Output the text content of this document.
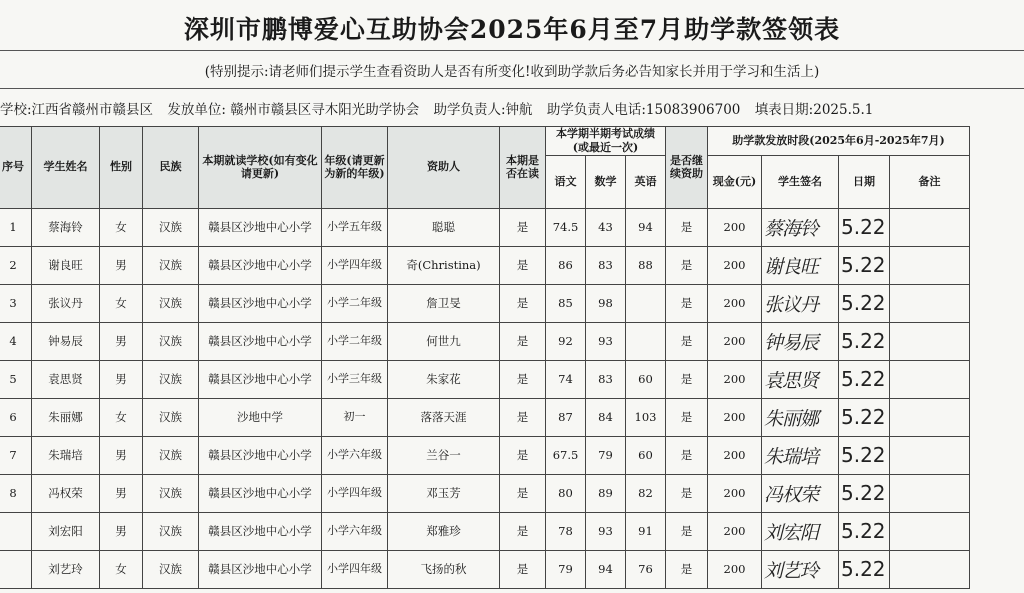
深圳市鹏博爱心互助协会2025年6月至7月助学款签领表
(特别提示:请老师们提示学生查看资助人是否有所变化!收到助学款后务必告知家长并用于学习和生活上)
学校:江西省赣州市赣县区 发放单位: 赣州市赣县区寻木阳光助学协会 助学负责人:钟航 助学负责人电话:15083906700 填表日期:2025.5.1
序号	学生姓名	性别	民族	本期就读学校(如有变化请更新)	年级(请更新为新的年级)	资助人	本期是否在读	本学期半期考试成绩(或最近一次)			是否继续资助	助学款发放时段(2025年6月-2025年7月)			
								语文	数学	英语		现金(元)	学生签名	日期	备注

1	蔡海铃	女	汉族	赣县区沙地中心小学	小学五年级	聪聪	是	74.5	43	94	是	200	蔡海铃	5.22	
2	谢良旺	男	汉族	赣县区沙地中心小学	小学四年级	奇(Christina)	是	86	83	88	是	200	谢良旺	5.22	
3	张议丹	女	汉族	赣县区沙地中心小学	小学二年级	詹卫旻	是	85	98		是	200	张议丹	5.22	
4	钟易辰	男	汉族	赣县区沙地中心小学	小学二年级	何世九	是	92	93		是	200	钟易辰	5.22	
5	袁思贤	男	汉族	赣县区沙地中心小学	小学三年级	朱家花	是	74	83	60	是	200	袁思贤	5.22	
6	朱丽娜	女	汉族	沙地中学	初一	落落天涯	是	87	84	103	是	200	朱丽娜	5.22	
7	朱瑞培	男	汉族	赣县区沙地中心小学	小学六年级	兰谷一	是	67.5	79	60	是	200	朱瑞培	5.22	
8	冯权荣	男	汉族	赣县区沙地中心小学	小学四年级	邓玉芳	是	80	89	82	是	200	冯权荣	5.22	
	刘宏阳	男	汉族	赣县区沙地中心小学	小学六年级	郑雅珍	是	78	93	91	是	200	刘宏阳	5.22	
	刘艺玲	女	汉族	赣县区沙地中心小学	小学四年级	飞扬的秋	是	79	94	76	是	200	刘艺玲	5.22	
